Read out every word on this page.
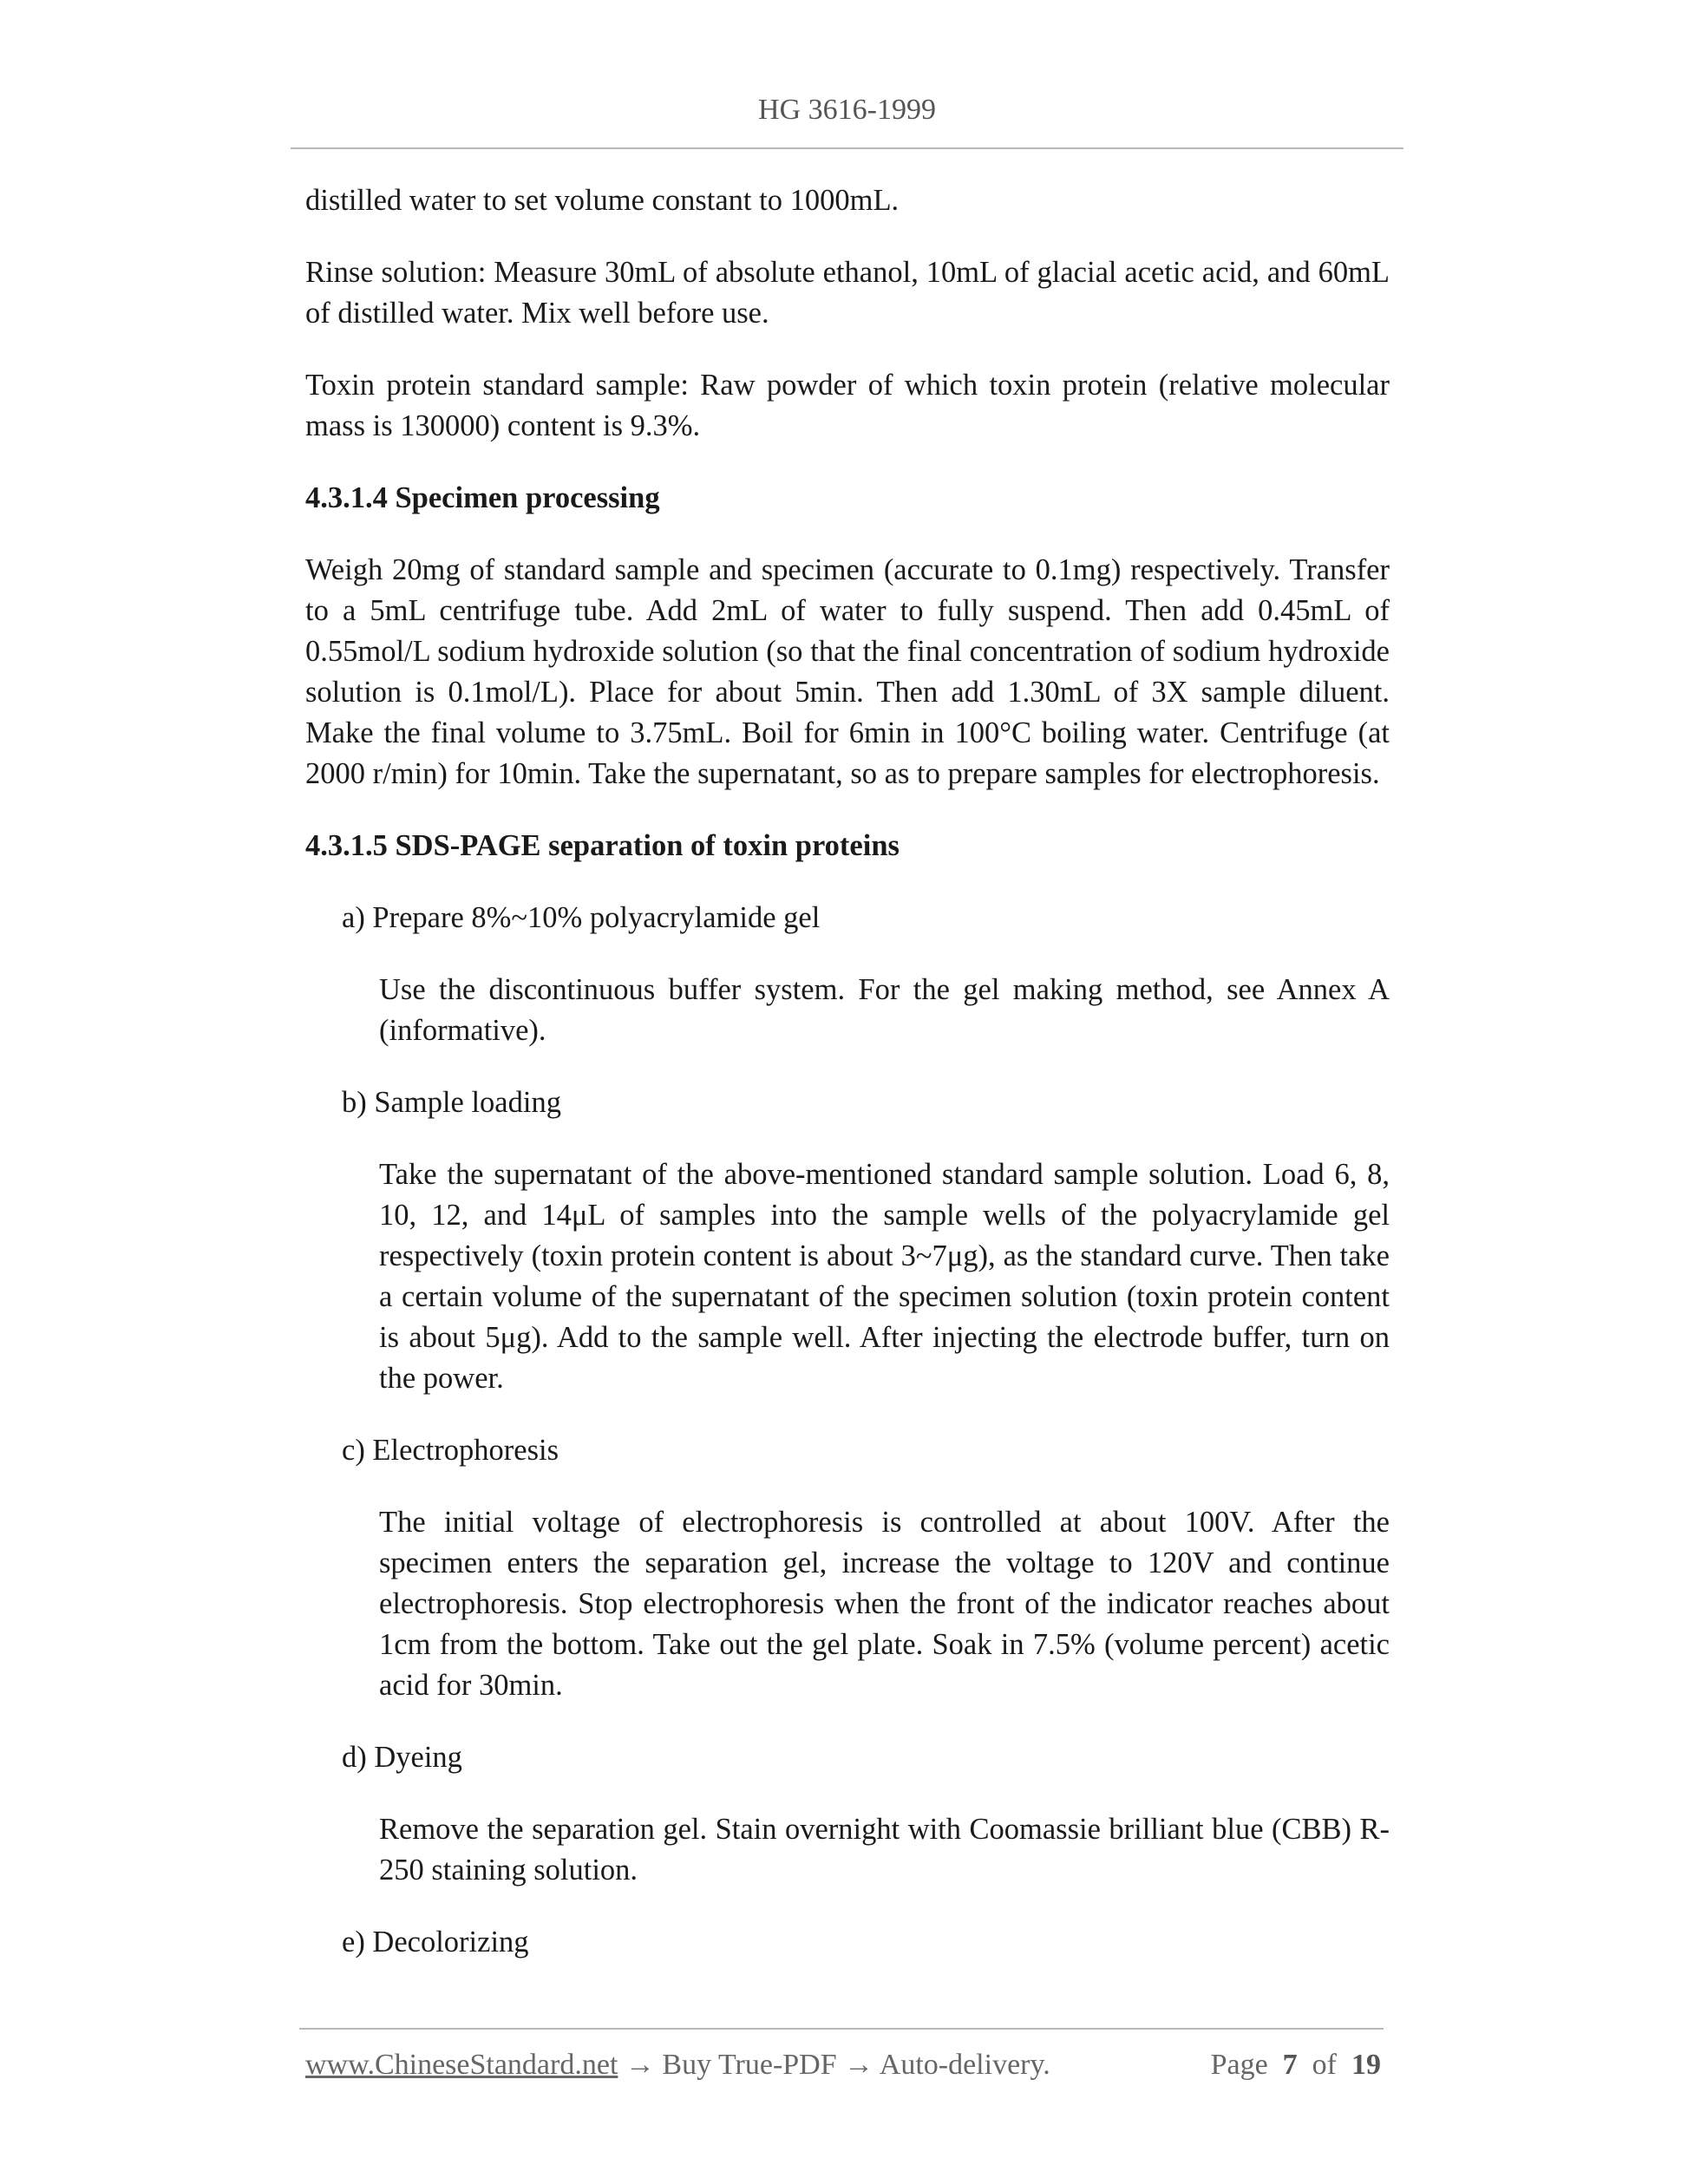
HG 3616-1999

distilled water to set volume constant to 1000mL.

Rinse solution: Measure 30mL of absolute ethanol, 10mL of glacial acetic acid, and 60mL of distilled water. Mix well before use.

Toxin protein standard sample: Raw powder of which toxin protein (relative molecular mass is 130000) content is 9.3%.

4.3.1.4 Specimen processing

Weigh 20mg of standard sample and specimen (accurate to 0.1mg) respectively. Transfer to a 5mL centrifuge tube. Add 2mL of water to fully suspend. Then add 0.45mL of 0.55mol/L sodium hydroxide solution (so that the final concentration of sodium hydroxide solution is 0.1mol/L). Place for about 5min. Then add 1.30mL of 3X sample diluent. Make the final volume to 3.75mL. Boil for 6min in 100°C boiling water. Centrifuge (at 2000 r/min) for 10min. Take the supernatant, so as to prepare samples for electrophoresis.

4.3.1.5 SDS-PAGE separation of toxin proteins

a) Prepare 8%~10% polyacrylamide gel

Use the discontinuous buffer system. For the gel making method, see Annex A (informative).

b) Sample loading

Take the supernatant of the above-mentioned standard sample solution. Load 6, 8, 10, 12, and 14μL of samples into the sample wells of the polyacrylamide gel respectively (toxin protein content is about 3~7μg), as the standard curve. Then take a certain volume of the supernatant of the specimen solution (toxin protein content is about 5μg). Add to the sample well. After injecting the electrode buffer, turn on the power.

c) Electrophoresis

The initial voltage of electrophoresis is controlled at about 100V. After the specimen enters the separation gel, increase the voltage to 120V and continue electrophoresis. Stop electrophoresis when the front of the indicator reaches about 1cm from the bottom. Take out the gel plate. Soak in 7.5% (volume percent) acetic acid for 30min.

d) Dyeing

Remove the separation gel. Stain overnight with Coomassie brilliant blue (CBB) R-250 staining solution.

e) Decolorizing

www.ChineseStandard.net → Buy True-PDF → Auto-delivery.	Page 7 of 19
